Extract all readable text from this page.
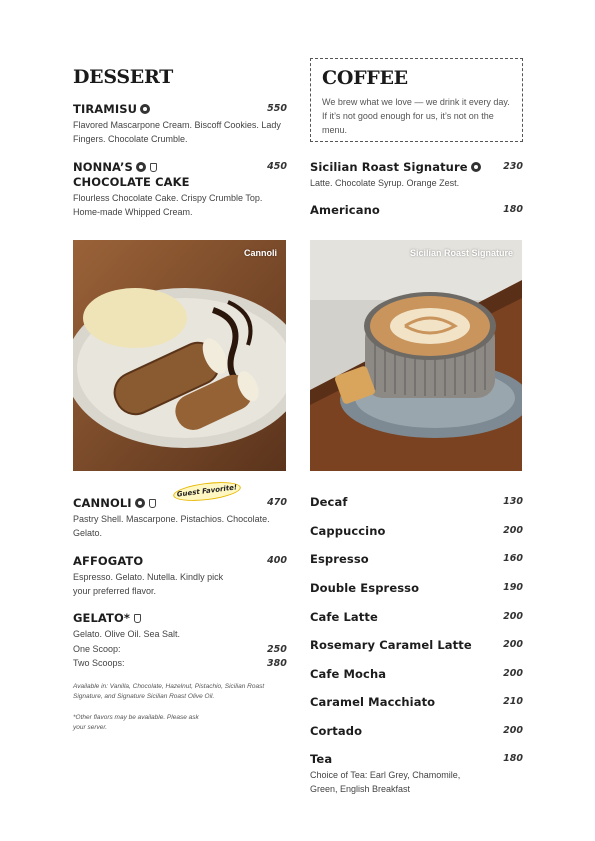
DESSERT
TIRAMISU	550
Flavored Mascarpone Cream. Biscoff Cookies. Lady Fingers. Chocolate Crumble.
NONNA’S
CHOCOLATE CAKE
450
Flourless Chocolate Cake. Crispy Crumble Top. Home-made Whipped Cream.
Cannoli
CANNOLI	470
Pastry Shell. Mascarpone. Pistachios. Chocolate. Gelato.
Guest Favorite!
AFFOGATO	400
Espresso. Gelato. Nutella. Kindly pick your preferred flavor.
GELATO*
Gelato. Olive Oil. Sea Salt.
One Scoop:	250
Two Scoops:	380
Available in: Vanilla, Chocolate, Hazelnut, Pistachio, Sicilian Roast Signature, and Signature Sicilian Roast Olive Oil.
*Other flavors may be available. Please ask your server.
COFFEE
We brew what we love — we drink it every day. If it’s not good enough for us, it’s not on the menu.
Sicilian Roast Signature	230
Latte. Chocolate Syrup. Orange Zest.
Americano	180
Sicilian Roast Signature
Decaf	130
Cappuccino	200
Espresso	160
Double Espresso	190
Cafe Latte	200
Rosemary Caramel Latte	200
Cafe Mocha	200
Caramel Macchiato	210
Cortado	200
Tea	180
Choice of Tea: Earl Grey, Chamomile, Green, English Breakfast
